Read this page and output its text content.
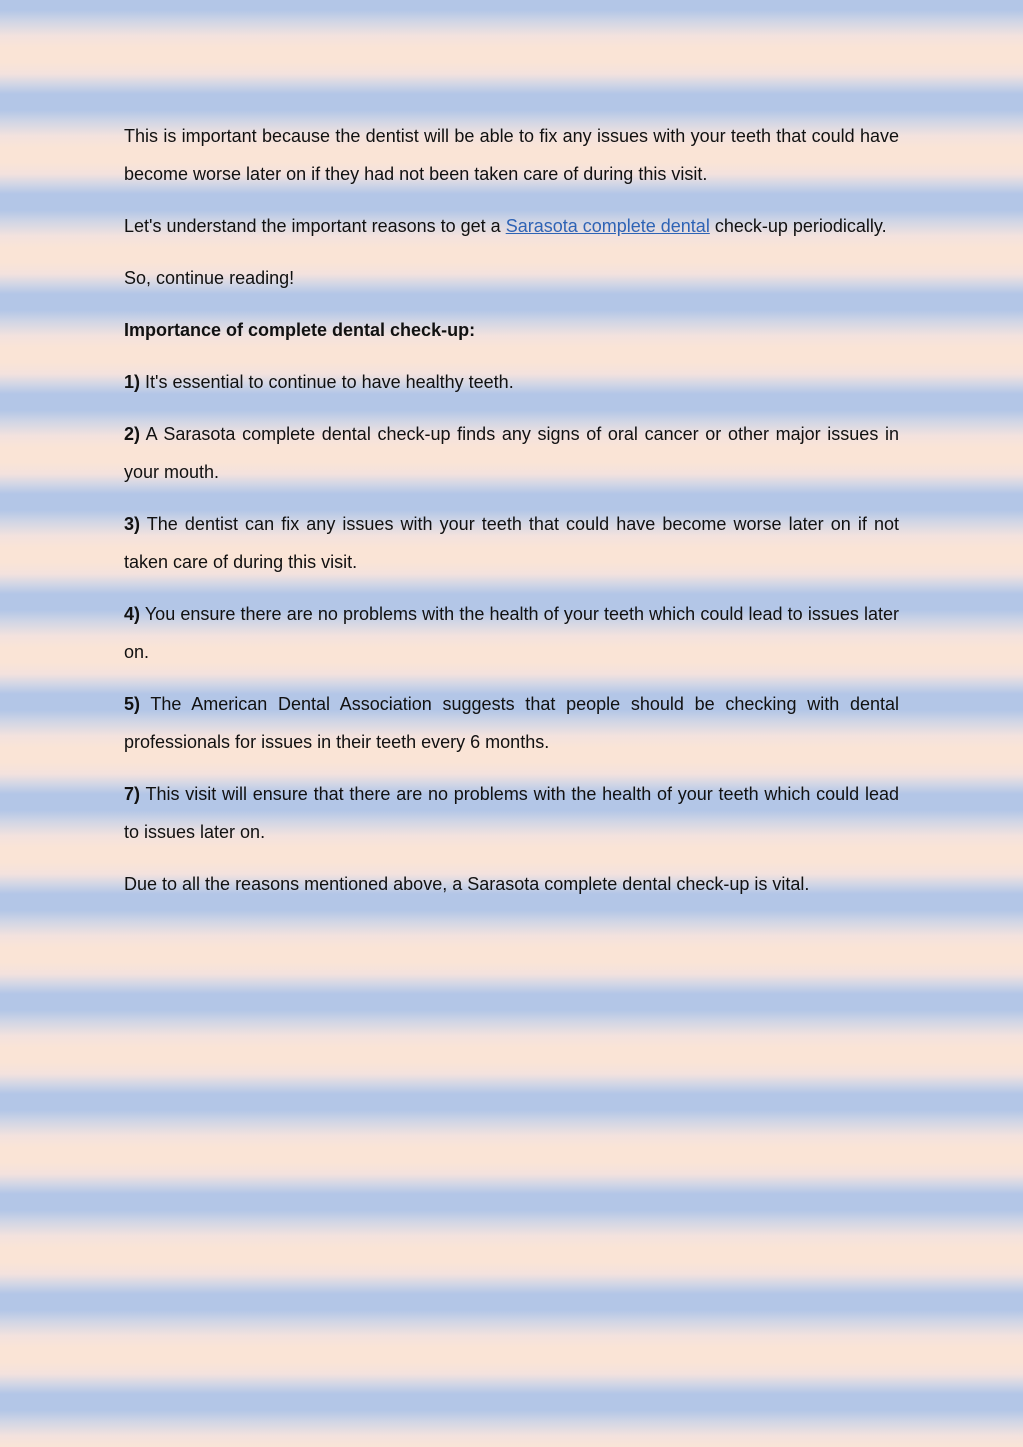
This is important because the dentist will be able to fix any issues with your teeth that could have become worse later on if they had not been taken care of during this visit.

Let's understand the important reasons to get a Sarasota complete dental check-up periodically.

So, continue reading!

Importance of complete dental check-up:

1) It's essential to continue to have healthy teeth.

2) A Sarasota complete dental check-up finds any signs of oral cancer or other major issues in your mouth.

3) The dentist can fix any issues with your teeth that could have become worse later on if not taken care of during this visit.

4) You ensure there are no problems with the health of your teeth which could lead to issues later on.

5) The American Dental Association suggests that people should be checking with dental professionals for issues in their teeth every 6 months.

7) This visit will ensure that there are no problems with the health of your teeth which could lead to issues later on.

Due to all the reasons mentioned above, a Sarasota complete dental check-up is vital.
